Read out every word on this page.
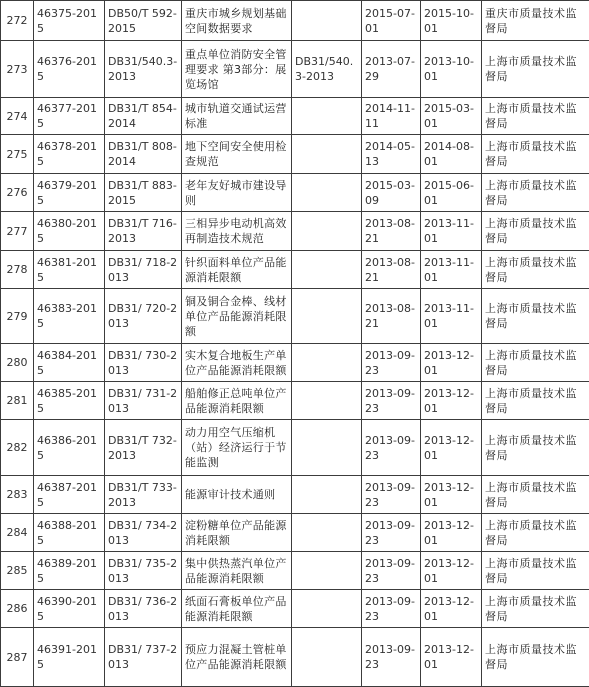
272	46375-2015	DB50/T 592-2015	重庆市城乡规划基础空间数据要求		2015-07-01	2015-10-01	重庆市质量技术监督局
273	46376-2015	DB31/540.3-2013	重点单位消防安全管理要求 第3部分：展览场馆	DB31/540.3-2013	2013-07-29	2013-10-01	上海市质量技术监督局
274	46377-2015	DB31/T 854-2014	城市轨道交通试运营标准		2014-11-11	2015-03-01	上海市质量技术监督局
275	46378-2015	DB31/T 808-2014	地下空间安全使用检查规范		2014-05-13	2014-08-01	上海市质量技术监督局
276	46379-2015	DB31/T 883-2015	老年友好城市建设导则		2015-03-09	2015-06-01	上海市质量技术监督局
277	46380-2015	DB31/T 716-2013	三相异步电动机高效再制造技术规范		2013-08-21	2013-11-01	上海市质量技术监督局
278	46381-2015	DB31/ 718-2013	针织面料单位产品能源消耗限额		2013-08-21	2013-11-01	上海市质量技术监督局
279	46383-2015	DB31/ 720-2013	铜及铜合金棒、线材单位产品能源消耗限额		2013-08-21	2013-11-01	上海市质量技术监督局
280	46384-2015	DB31/ 730-2013	实木复合地板生产单位产品能源消耗限额		2013-09-23	2013-12-01	上海市质量技术监督局
281	46385-2015	DB31/ 731-2013	船舶修正总吨单位产品能源消耗限额		2013-09-23	2013-12-01	上海市质量技术监督局
282	46386-2015	DB31/T 732-2013	动力用空气压缩机（站）经济运行于节能监测		2013-09-23	2013-12-01	上海市质量技术监督局
283	46387-2015	DB31/T 733-2013	能源审计技术通则		2013-09-23	2013-12-01	上海市质量技术监督局
284	46388-2015	DB31/ 734-2013	淀粉糖单位产品能源消耗限额		2013-09-23	2013-12-01	上海市质量技术监督局
285	46389-2015	DB31/ 735-2013	集中供热蒸汽单位产品能源消耗限额		2013-09-23	2013-12-01	上海市质量技术监督局
286	46390-2015	DB31/ 736-2013	纸面石膏板单位产品能源消耗限额		2013-09-23	2013-12-01	上海市质量技术监督局
287	46391-2015	DB31/ 737-2013	预应力混凝土管桩单位产品能源消耗限额		2013-09-23	2013-12-01	上海市质量技术监督局
